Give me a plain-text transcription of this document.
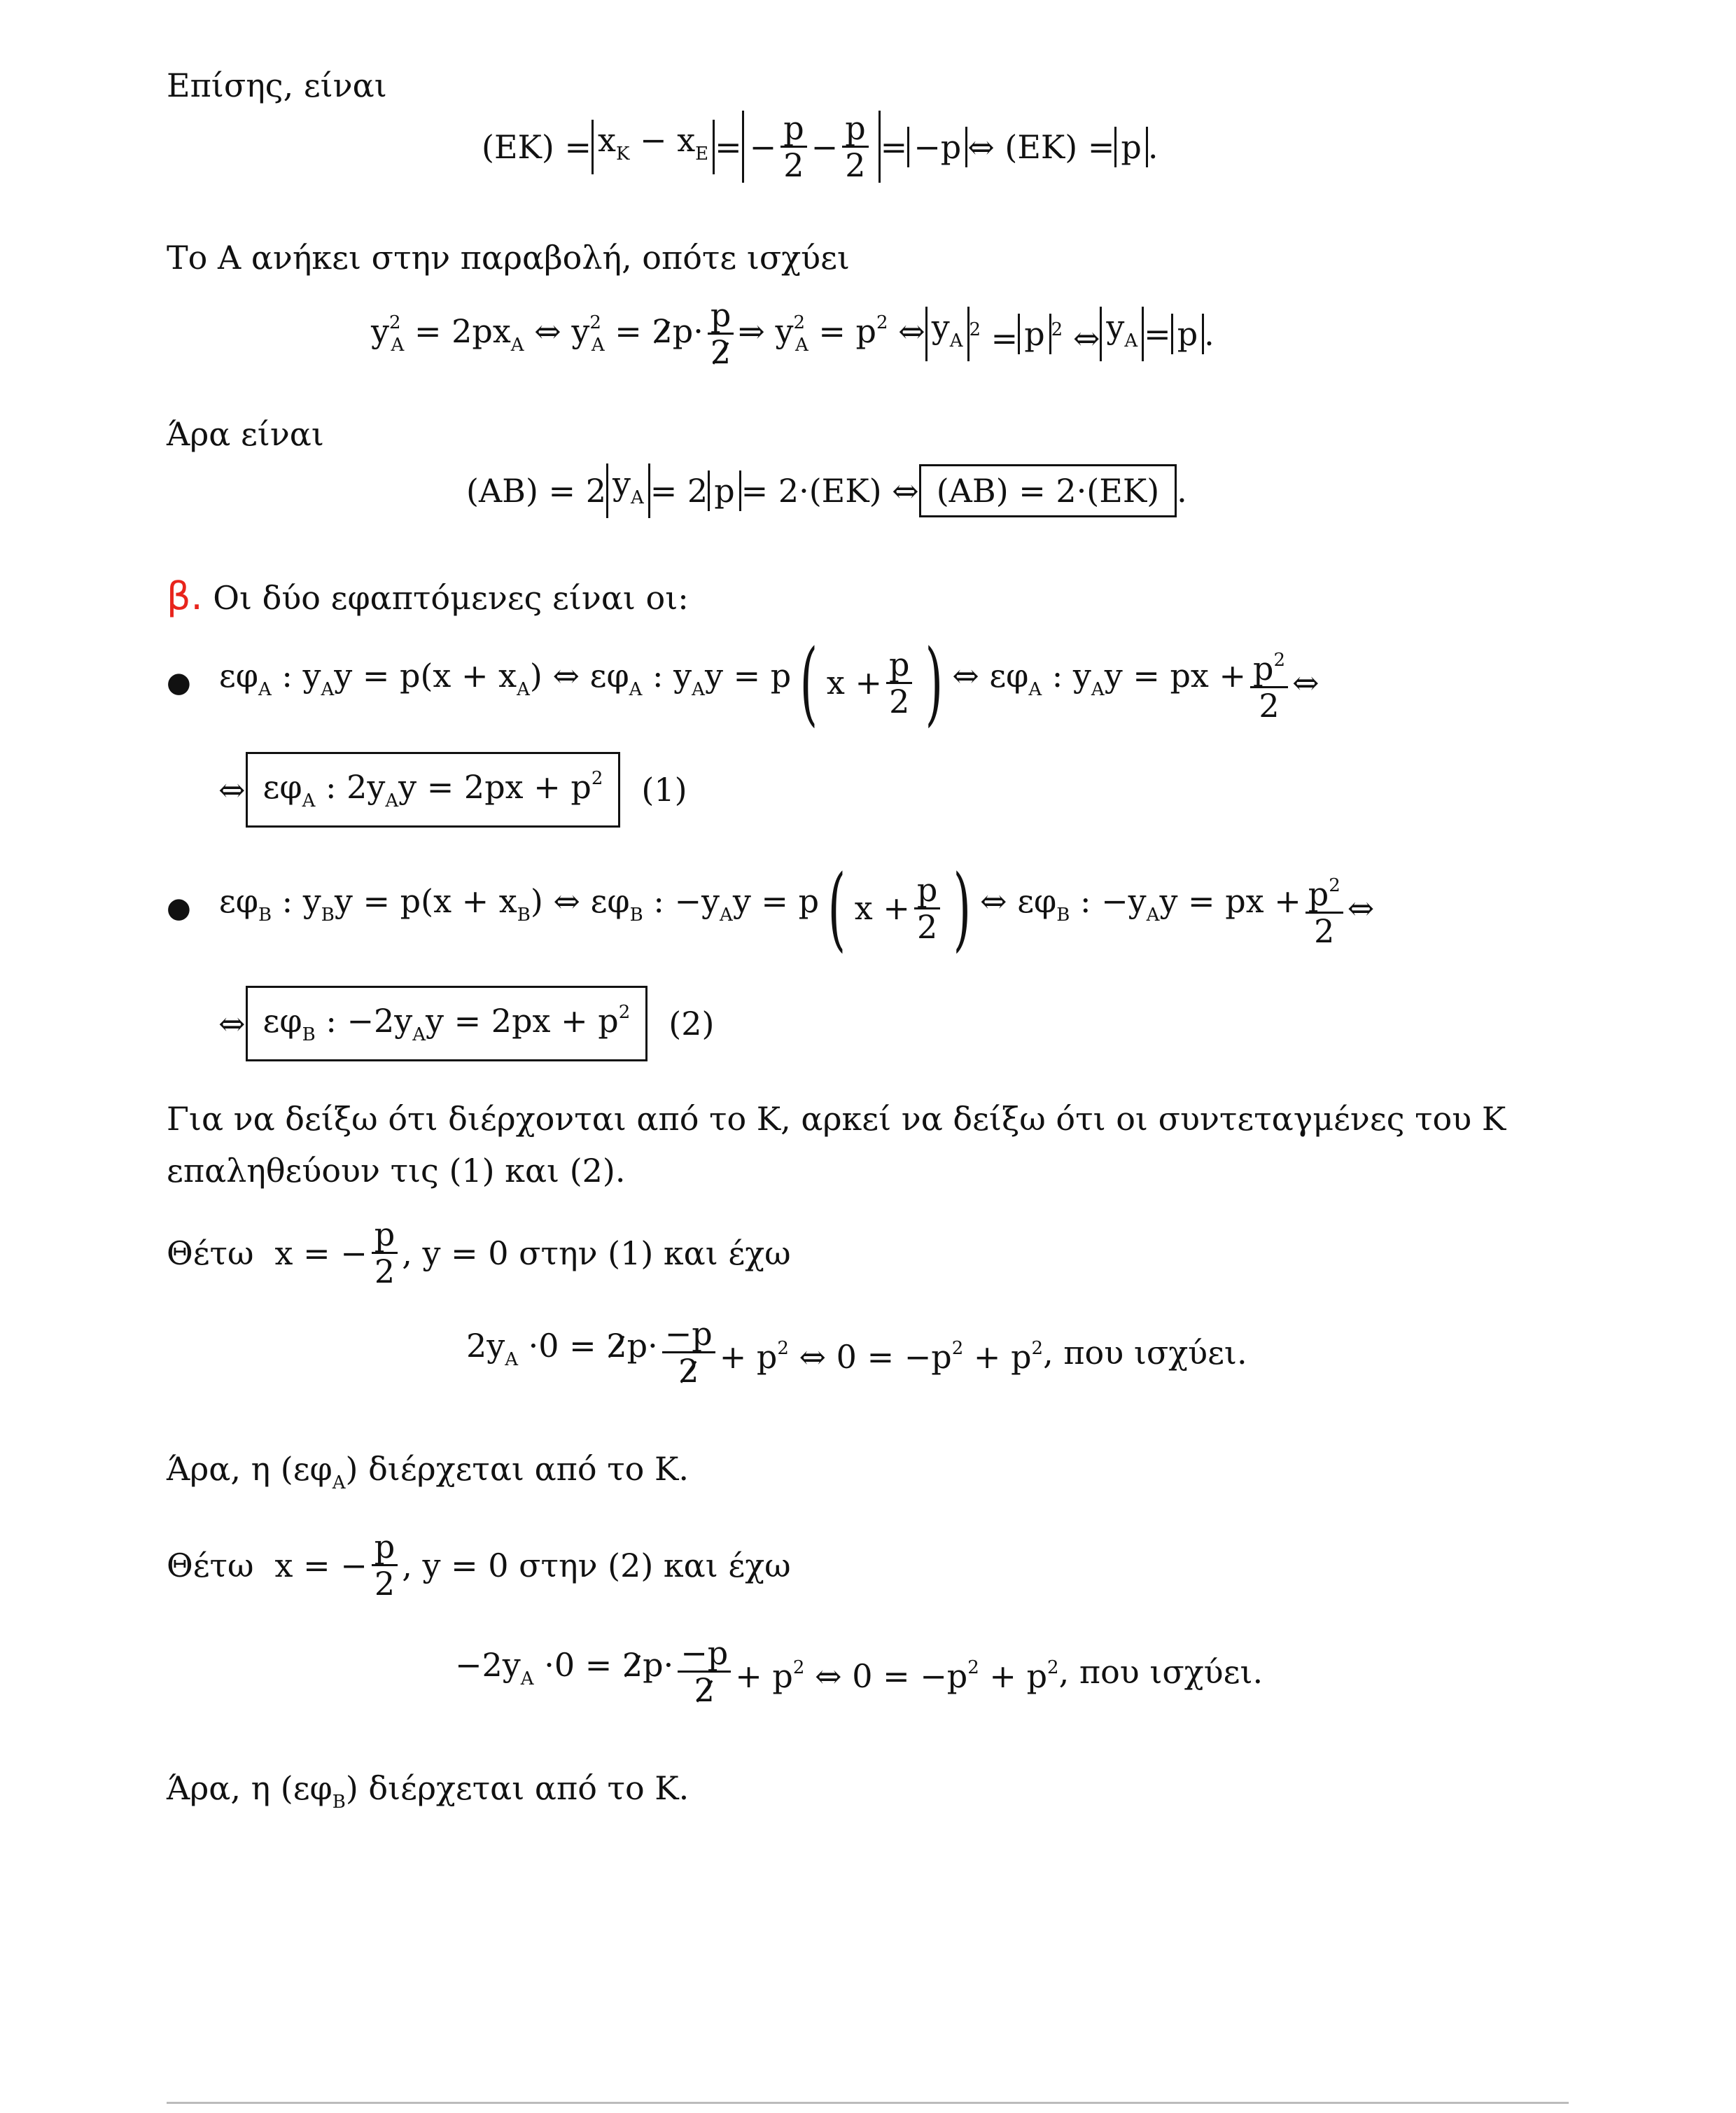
Επίσης, είναι
$(EK) =x_K - x_E=- \frac{p}{2} - \frac{p}{2}$ =−p⇔ (ΕΚ) =p.
Το Α ανήκει στην παραβολή, οπότε ισχύει
$y^2_A = 2px_A$ ⇔ $y^2_A = 2p\cdot \frac{p}{2}$ ⇒ $y^2_A = p^2$ $\Leftrightarrow y_A^2 =p$ $^2$ $\Leftrightarrow y_A=p$.
Άρα είναι
(ΑΒ) = 2 $y_A= 2$ p= 2·(ΕΚ) ⇔(ΑΒ) = 2·(ΕΚ).
β. Οι δύο εφαπτόμενες είναι οι:
● $\varepsilon\varphi_A$ : $y_Ay = p(x + x_A)$ ⇔ $\varepsilon\varphi_A$ : $y_Ay = p$( $x + \frac{p}{2}$ )⇔ $\varepsilon\varphi_A$ : $y_Ay$ = px + $\frac{p^2}{2}$ ⇔
⇔ $\varepsilon\varphi_A$ : $2y_Ay = 2px + p^2$ (1)
● $\varepsilon\varphi_B$ : $y_By = p(x + x_B)$ ⇔ $\varepsilon\varphi_B$ : $-y_Ay = p$( $x + \frac{p}{2}$ )⇔ $\varepsilon\varphi_B$ : $-y_Ay$ = px + $\frac{p^2}{2}$ ⇔
⇔ $\varepsilon\varphi_B$ : $-2y_Ay = 2px + p^2$ (2)
Για να δείξω ότι διέρχονται από το Κ, αρκεί να δείξω ότι οι συντεταγμένες του Κ
επαληθεύουν τις (1) και (2).
Θέτω x = − $\frac{p}{2}$ , y = 0 στην (1) και έχω
$2y_A \cdot 0 = 2p\cdot \frac{-p}{2} + p^2$ ⇔ $0 = -p^2 + p^2$, που ισχύει.
Άρα, η $(\varepsilon\varphi_A)$ διέρχεται από το Κ.
Θέτω x = − $\frac{p}{2}$ , y = 0 στην (2) και έχω
$-2y_A \cdot 0 = 2p\cdot \frac{-p}{2} + p^2$ ⇔ $0 = -p^2 + p^2$, που ισχύει.
Άρα, η $(\varepsilon\varphi_B)$ διέρχεται από το Κ.
